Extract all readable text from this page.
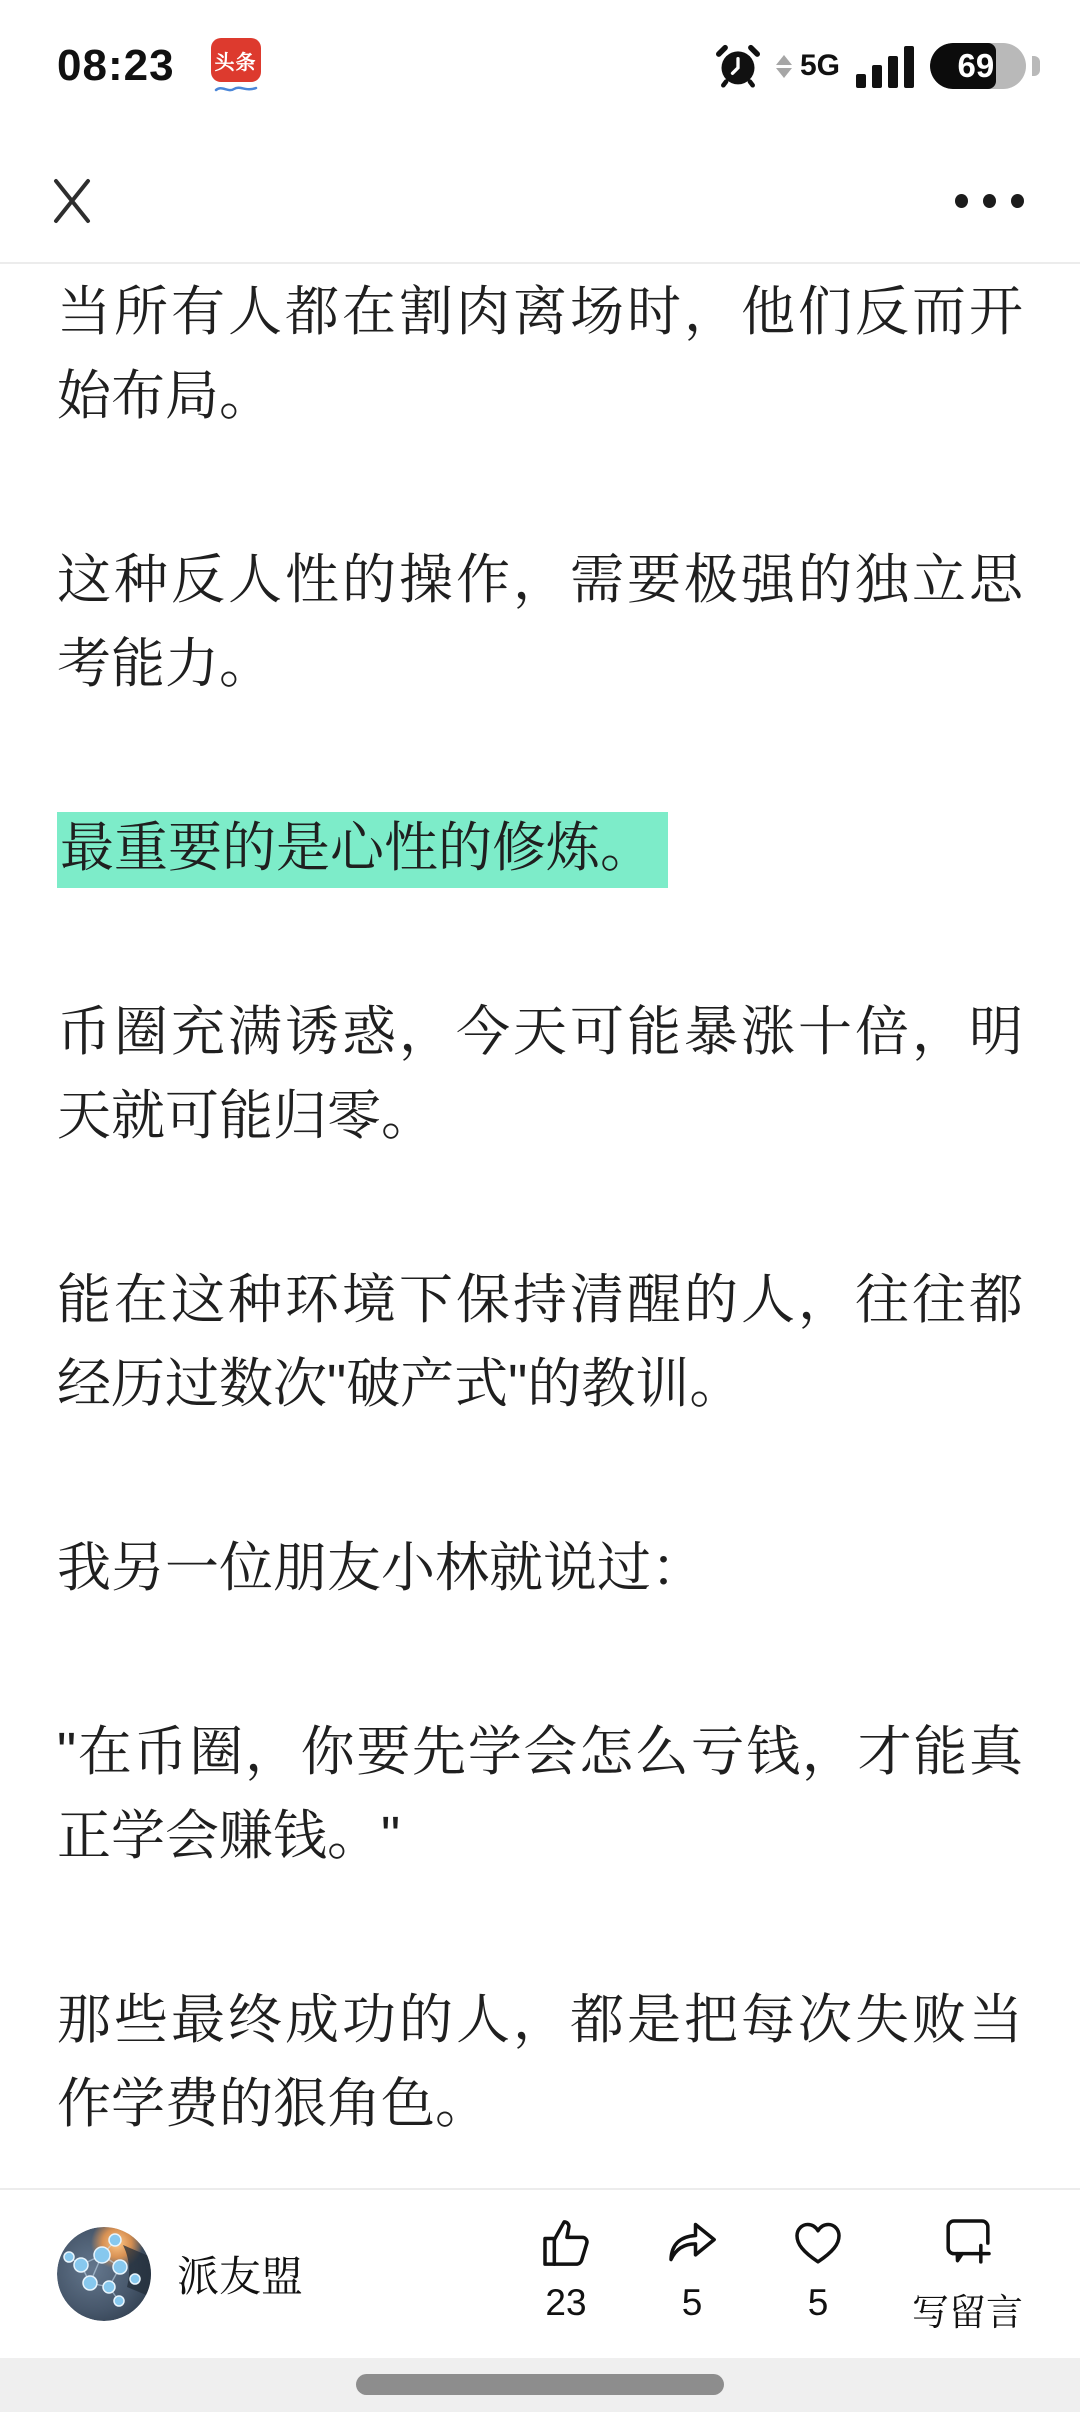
08:23 头条	5G	69

当所有人都在割肉离场时，他们反而开始布局。

这种反人性的操作，需要极强的独立思考能力。

最重要的是心性的修炼。

币圈充满诱惑，今天可能暴涨十倍，明天就可能归零。

能在这种环境下保持清醒的人，往往都经历过数次"破产式"的教训。

我另一位朋友小林就说过：

"在币圈，你要先学会怎么亏钱，才能真正学会赚钱。"

那些最终成功的人，都是把每次失败当作学费的狠角色。

派友盟
23	5	5 写留言
